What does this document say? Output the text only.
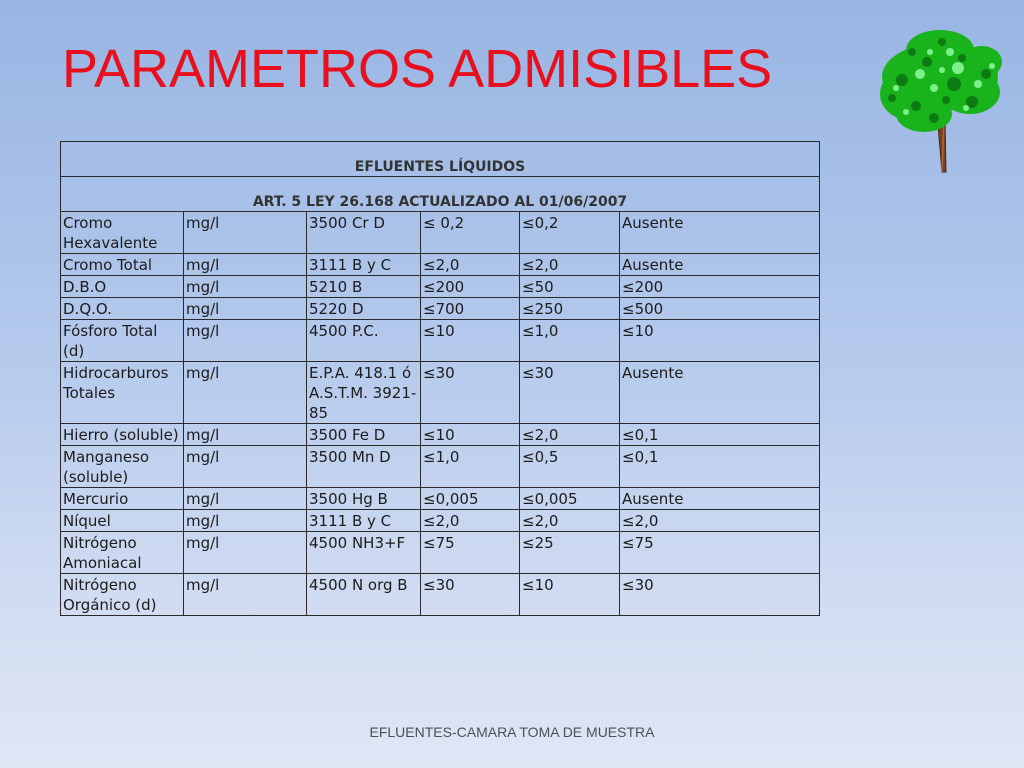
PARAMETROS ADMISIBLES
EFLUENTES LÍQUIDOS					
ART. 5 LEY 26.168 ACTUALIZADO AL 01/06/2007					
Cromo Hexavalente	mg/l	3500 Cr D	≤ 0,2	≤0,2	Ausente
Cromo Total	mg/l	3111 B y C	≤2,0	≤2,0	Ausente
D.B.O	mg/l	5210 B	≤200	≤50	≤200
D.Q.O.	mg/l	5220 D	≤700	≤250	≤500
Fósforo Total (d)	mg/l	4500 P.C.	≤10	≤1,0	≤10
Hidrocarburos Totales	mg/l	E.P.A. 418.1 ó A.S.T.M. 3921-85	≤30	≤30	Ausente
Hierro (soluble)	mg/l	3500 Fe D	≤10	≤2,0	≤0,1
Manganeso (soluble)	mg/l	3500 Mn D	≤1,0	≤0,5	≤0,1
Mercurio	mg/l	3500 Hg B	≤0,005	≤0,005	Ausente
Níquel	mg/l	3111 B y C	≤2,0	≤2,0	≤2,0
Nitrógeno Amoniacal	mg/l	4500 NH3+F	≤75	≤25	≤75
Nitrógeno Orgánico (d)	mg/l	4500 N org B	≤30	≤10	≤30
EFLUENTES-CAMARA TOMA DE MUESTRA
